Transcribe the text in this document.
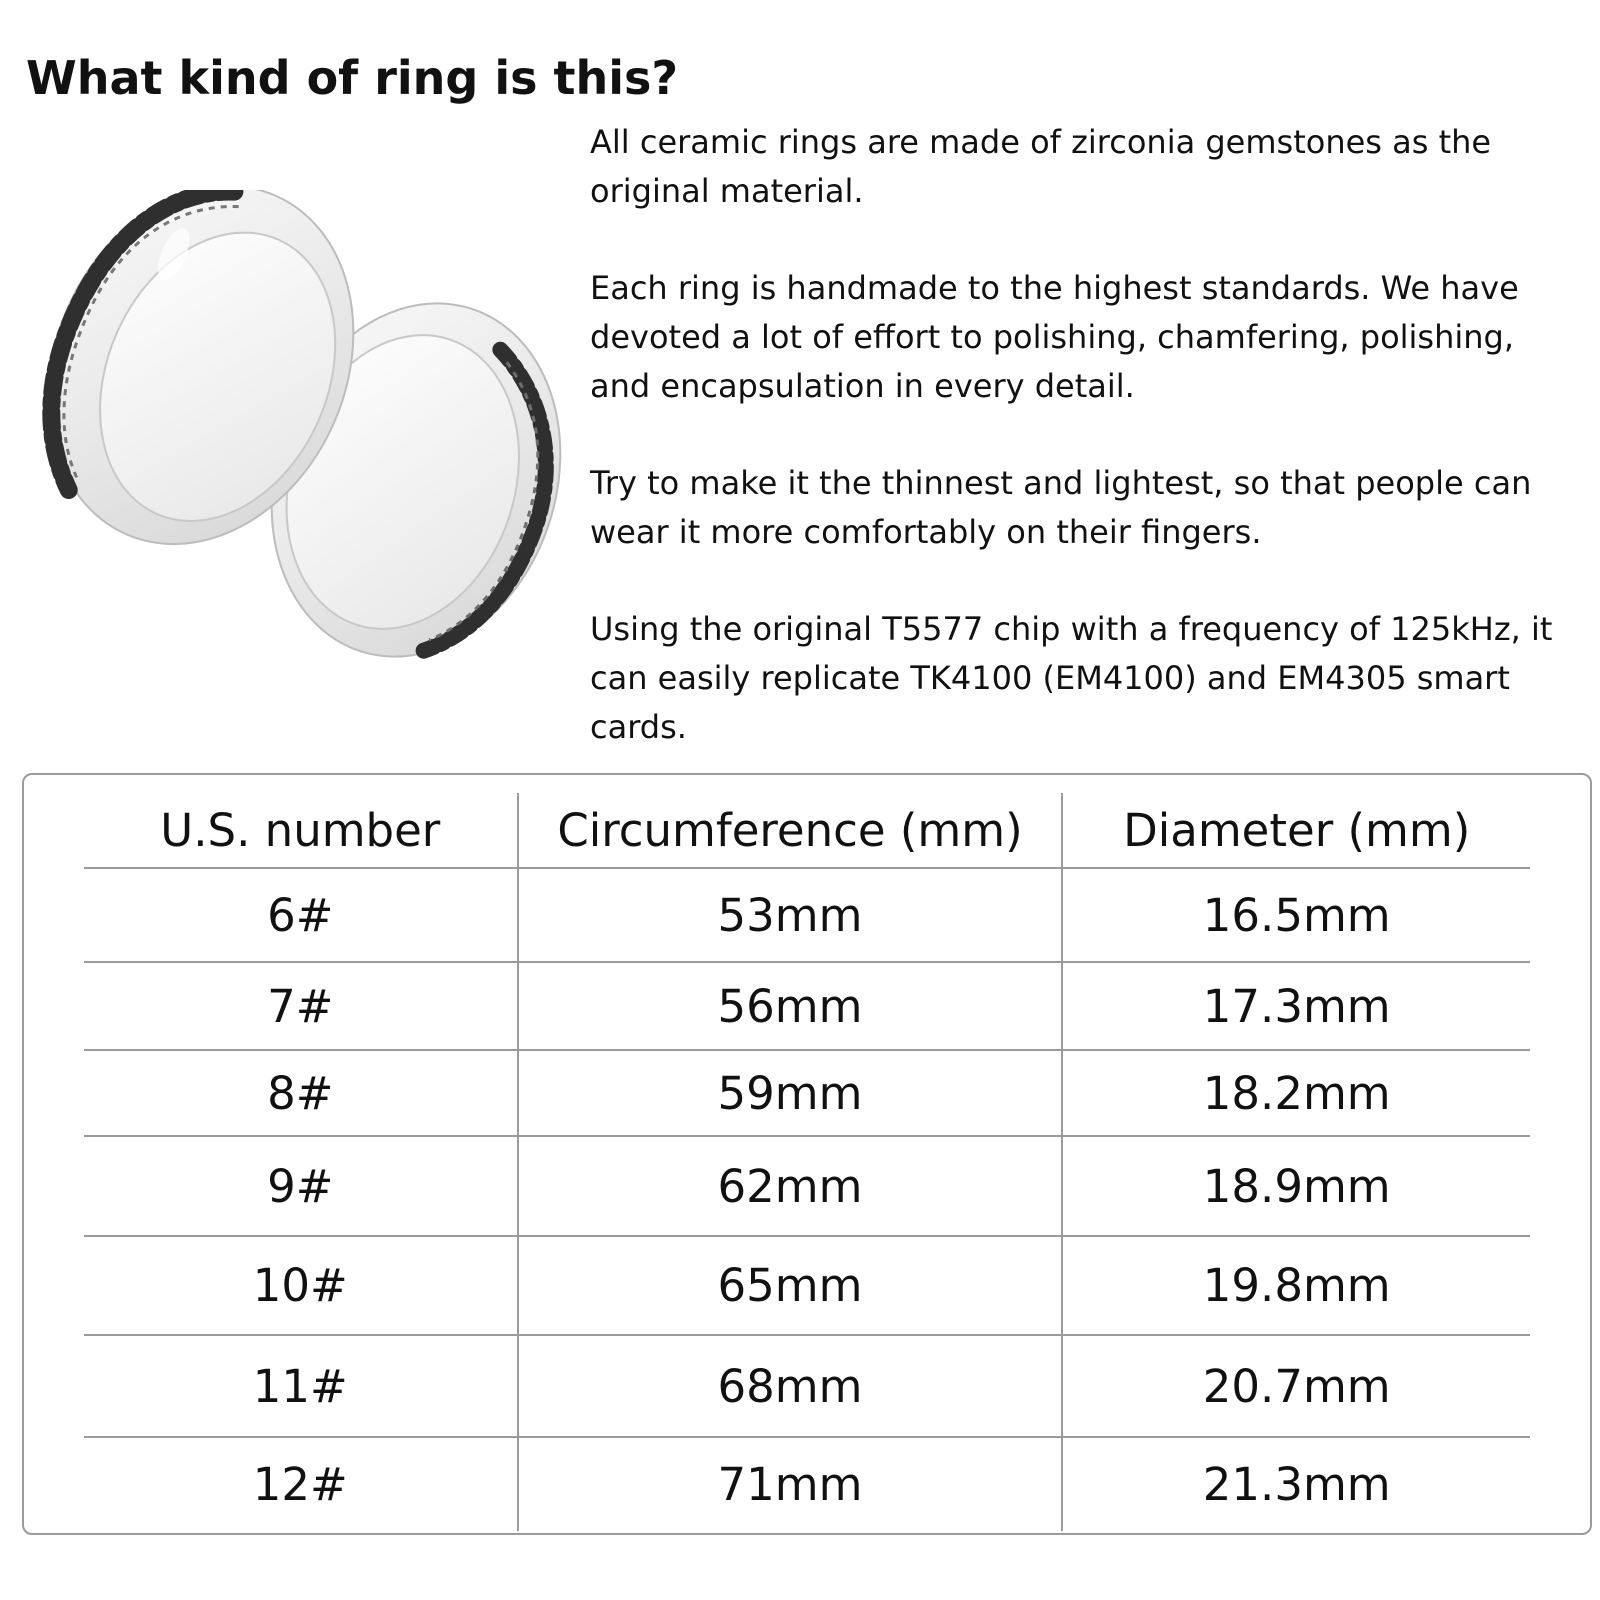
What kind of ring is this?

All ceramic rings are made of zirconia gemstones as the original material.

Each ring is handmade to the highest standards. We have devoted a lot of effort to polishing, chamfering, polishing, and encapsulation in every detail.

Try to make it the thinnest and lightest, so that people can wear it more comfortably on their fingers.

Using the original T5577 chip with a frequency of 125kHz, it can easily replicate TK4100 (EM4100) and EM4305 smart cards.

U.S. number	Circumference (mm)	Diameter (mm)
6#	53mm	16.5mm
7#	56mm	17.3mm
8#	59mm	18.2mm
9#	62mm	18.9mm
10#	65mm	19.8mm
11#	68mm	20.7mm
12#	71mm	21.3mm
